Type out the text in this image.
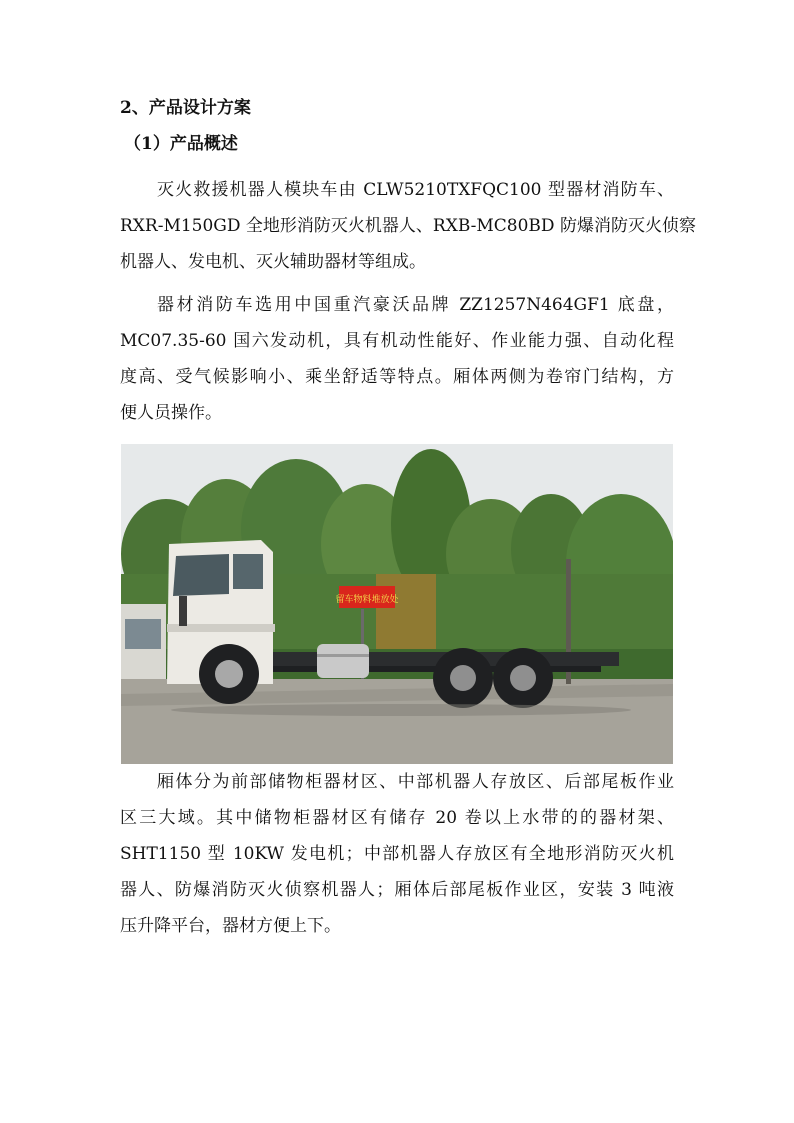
2、产品设计方案
（1）产品概述
灭火救援机器人模块车由 CLW5210TXFQC100 型器材消防车、
RXR-M150GD 全地形消防灭火机器人、RXB-MC80BD 防爆消防灭火侦察
机器人、发电机、灭火辅助器材等组成。
器材消防车选用中国重汽豪沃品牌 ZZ1257N464GF1 底盘，
MC07.35-60 国六发动机，具有机动性能好、作业能力强、自动化程
度高、受气候影响小、乘坐舒适等特点。厢体两侧为卷帘门结构，方
便人员操作。
留车物料堆放处
厢体分为前部储物柜器材区、中部机器人存放区、后部尾板作业
区三大域。其中储物柜器材区有储存 20 卷以上水带的的器材架、
SHT1150 型 10KW 发电机；中部机器人存放区有全地形消防灭火机
器人、防爆消防灭火侦察机器人；厢体后部尾板作业区，安装 3 吨液
压升降平台，器材方便上下。
